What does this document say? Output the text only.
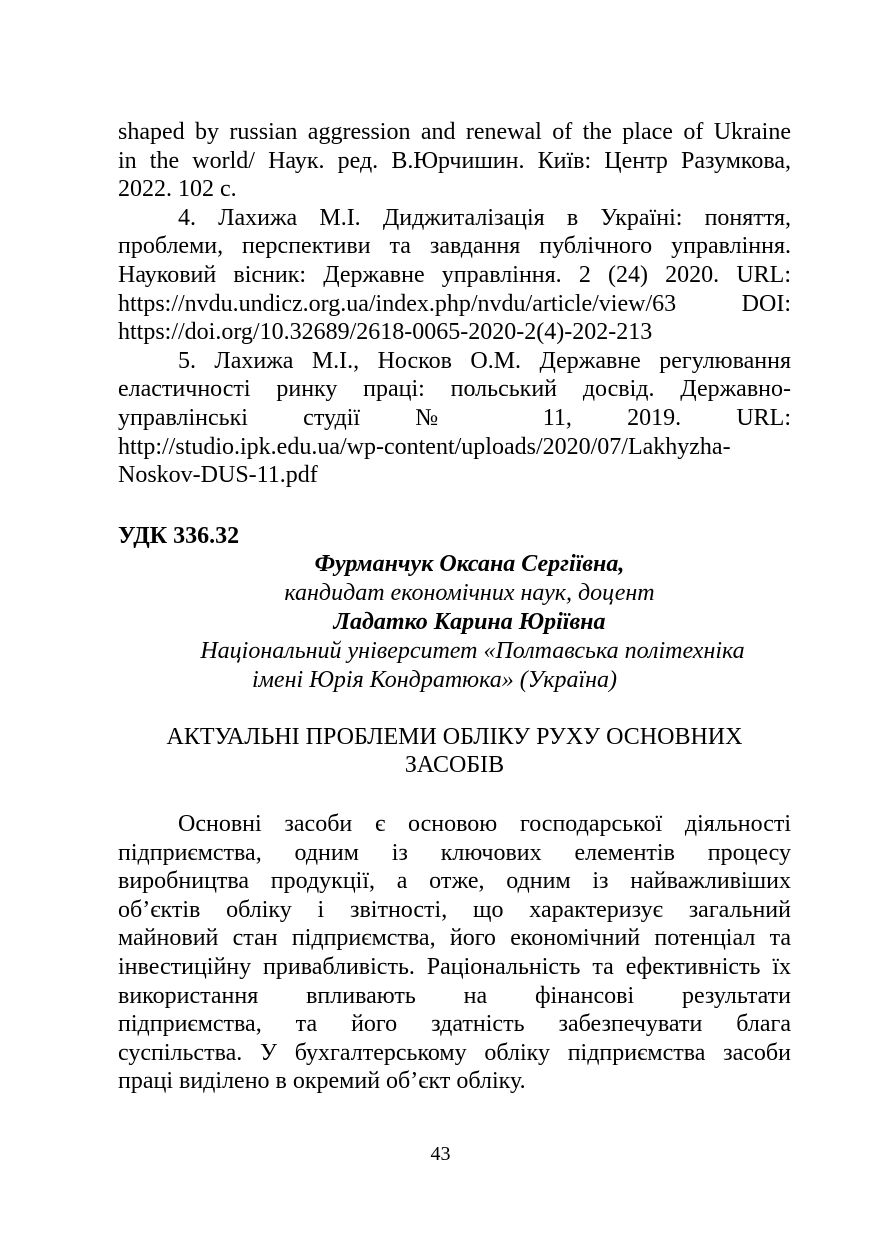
shaped by russian aggression and renewal of the place of Ukraine
in the world/ Наук. ред. В.Юрчишин. Київ: Центр Разумкова,
2022. 102 с.
4. Лахижа М.І. Диджиталізація в Україні: поняття,
проблеми, перспективи та завдання публічного управління.
Науковий вісник: Державне управління. 2 (24) 2020. URL:
https://nvdu.undicz.org.ua/index.php/nvdu/article/view/63 DOI:
https://doi.org/10.32689/2618-0065-2020-2(4)-202-213
5. Лахижа М.І., Носков О.М. Державне регулювання
еластичності ринку праці: польський досвід. Державно-
управлінські студії № 11, 2019. URL:
http://studio.ipk.edu.ua/wp-content/uploads/2020/07/Lakhyzha-
Noskov-DUS-11.pdf
УДК 336.32
Фурманчук Оксана Сергіївна,
кандидат економічних наук, доцент
Ладатко Карина Юріївна
Національний університет «Полтавська політехніка
імені Юрія Кондратюка» (Україна)
АКТУАЛЬНІ ПРОБЛЕМИ ОБЛІКУ РУХУ ОСНОВНИХ
ЗАСОБІВ
Основні засоби є основою господарської діяльності
підприємства, одним із ключових елементів процесу
виробництва продукції, а отже, одним із найважливіших
об’єктів обліку і звітності, що характеризує загальний
майновий стан підприємства, його економічний потенціал та
інвестиційну привабливість. Раціональність та ефективність їх
використання впливають на фінансові результати
підприємства, та його здатність забезпечувати блага
суспільства. У бухгалтерському обліку підприємства засоби
праці виділено в окремий об’єкт обліку.
43
